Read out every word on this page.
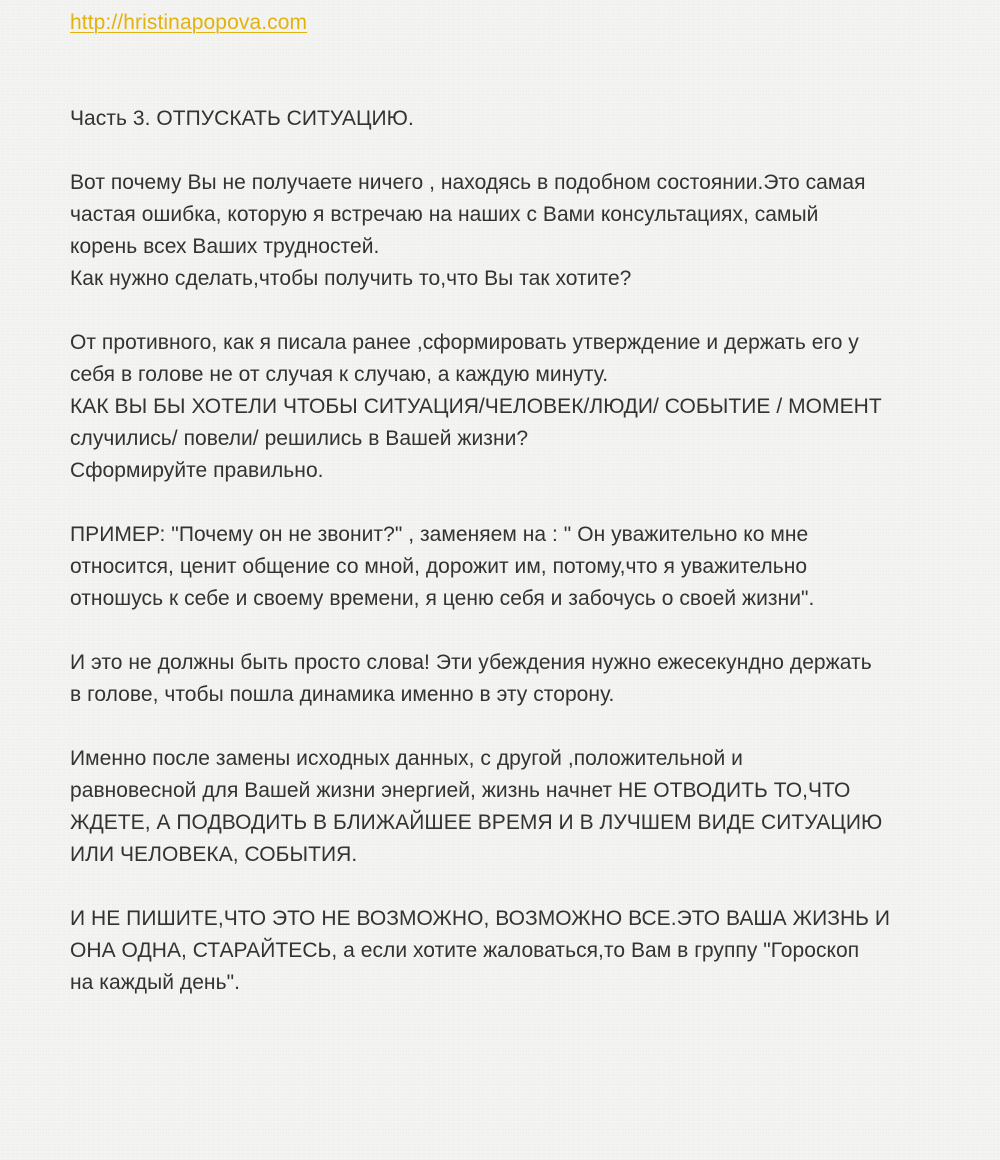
http://hristinapopova.com

Часть 3. ОТПУСКАТЬ СИТУАЦИЮ.

Вот почему Вы не получаете ничего , находясь в подобном состоянии.Это самая
частая ошибка, которую я встречаю на наших с Вами консультациях, самый
корень всех Ваших трудностей.
Как нужно сделать,чтобы получить то,что Вы так хотите?

От противного, как я писала ранее ,сформировать утверждение и держать его у
себя в голове не от случая к случаю, а каждую минуту.
КАК ВЫ БЫ ХОТЕЛИ ЧТОБЫ СИТУАЦИЯ/ЧЕЛОВЕК/ЛЮДИ/ СОБЫТИЕ / МОМЕНТ
случились/ повели/ решились в Вашей жизни?
Сформируйте правильно.

ПРИМЕР: "Почему он не звонит?" , заменяем на : " Он уважительно ко мне
относится, ценит общение со мной, дорожит им, потому,что я уважительно
отношусь к себе и своему времени, я ценю себя и забочусь о своей жизни".

И это не должны быть просто слова! Эти убеждения нужно ежесекундно держать
в голове, чтобы пошла динамика именно в эту сторону.

Именно после замены исходных данных, с другой ,положительной и
равновесной для Вашей жизни энергией, жизнь начнет НЕ ОТВОДИТЬ ТО,ЧТО
ЖДЕТЕ, А ПОДВОДИТЬ В БЛИЖАЙШЕЕ ВРЕМЯ И В ЛУЧШЕМ ВИДЕ СИТУАЦИЮ
ИЛИ ЧЕЛОВЕКА, СОБЫТИЯ.

И НЕ ПИШИТЕ,ЧТО ЭТО НЕ ВОЗМОЖНО, ВОЗМОЖНО ВСЕ.ЭТО ВАША ЖИЗНЬ И
ОНА ОДНА, СТАРАЙТЕСЬ, а если хотите жаловаться,то Вам в группу "Гороскоп
на каждый день".
